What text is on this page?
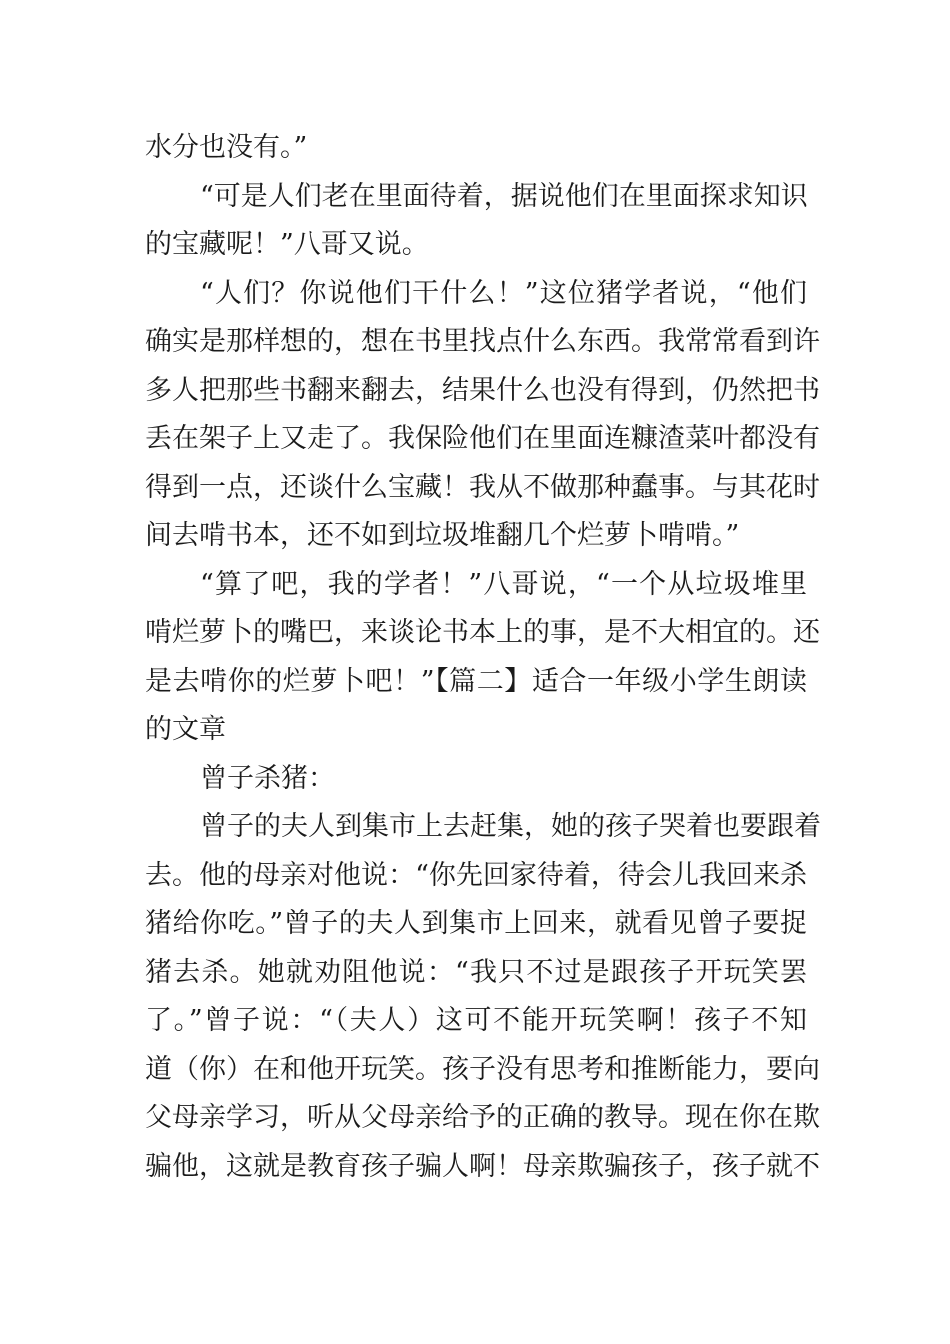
水分也没有。”

“可是人们老在里面待着，据说他们在里面探求知识
的宝藏呢！”八哥又说。

“人们？你说他们干什么！”这位猪学者说，“他们
确实是那样想的，想在书里找点什么东西。我常常看到许
多人把那些书翻来翻去，结果什么也没有得到，仍然把书
丢在架子上又走了。我保险他们在里面连糠渣菜叶都没有
得到一点，还谈什么宝藏！我从不做那种蠢事。与其花时
间去啃书本，还不如到垃圾堆翻几个烂萝卜啃啃。”

“算了吧，我的学者！”八哥说，“一个从垃圾堆里
啃烂萝卜的嘴巴，来谈论书本上的事，是不大相宜的。还
是去啃你的烂萝卜吧！”【篇二】适合一年级小学生朗读
的文章

曾子杀猪：

曾子的夫人到集市上去赶集，她的孩子哭着也要跟着
去。他的母亲对他说：“你先回家待着，待会儿我回来杀
猪给你吃。”曾子的夫人到集市上回来，就看见曾子要捉
猪去杀。她就劝阻他说：“我只不过是跟孩子开玩笑罢
了。”曾子说：“（夫人）这可不能开玩笑啊！孩子不知
道（你）在和他开玩笑。孩子没有思考和推断能力，要向
父母亲学习，听从父母亲给予的正确的教导。现在你在欺
骗他，这就是教育孩子骗人啊！母亲欺骗孩子，孩子就不
